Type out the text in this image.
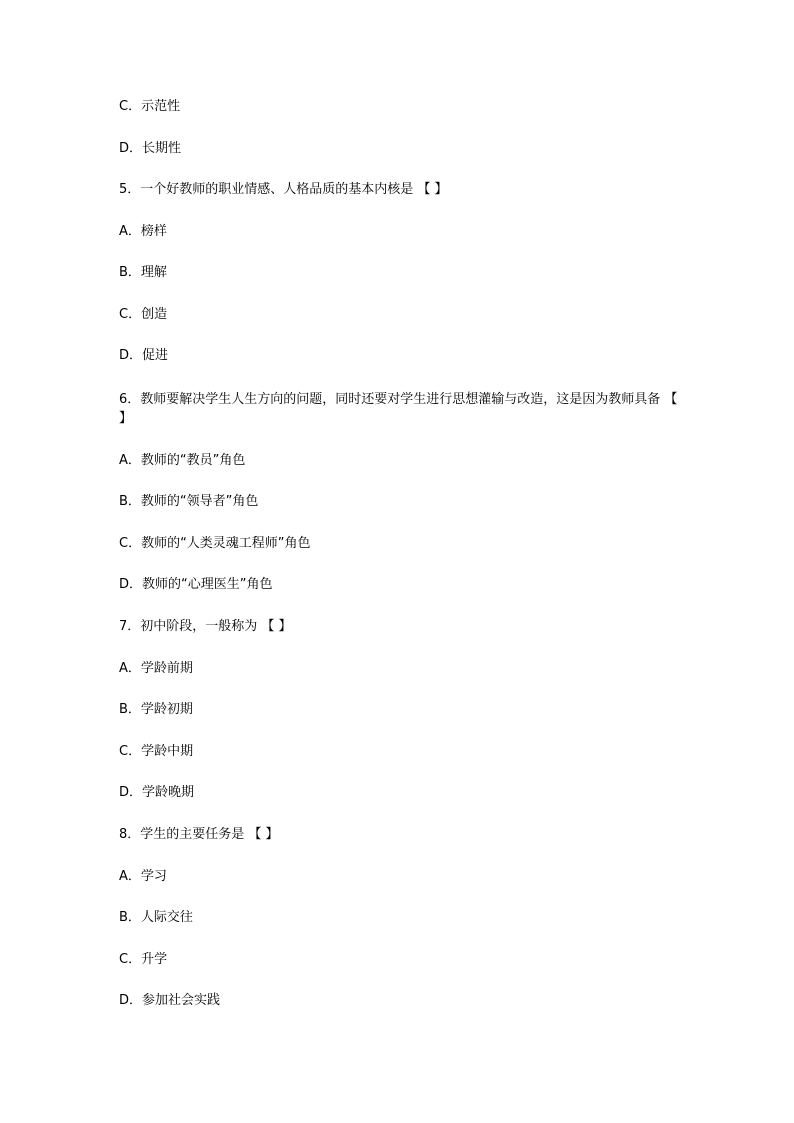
C．示范性
D．长期性
5．一个好教师的职业情感、人格品质的基本内核是 【 】
A．榜样
B．理解
C．创造
D．促进
6．教师要解决学生人生方向的问题，同时还要对学生进行思想灌输与改造，这是因为教师具备 【 】
A．教师的“教员”角色
B．教师的“领导者”角色
C．教师的“人类灵魂工程师”角色
D．教师的“心理医生”角色
7．初中阶段，一般称为 【 】
A．学龄前期
B．学龄初期
C．学龄中期
D．学龄晚期
8．学生的主要任务是 【 】
A．学习
B．人际交往
C．升学
D．参加社会实践
